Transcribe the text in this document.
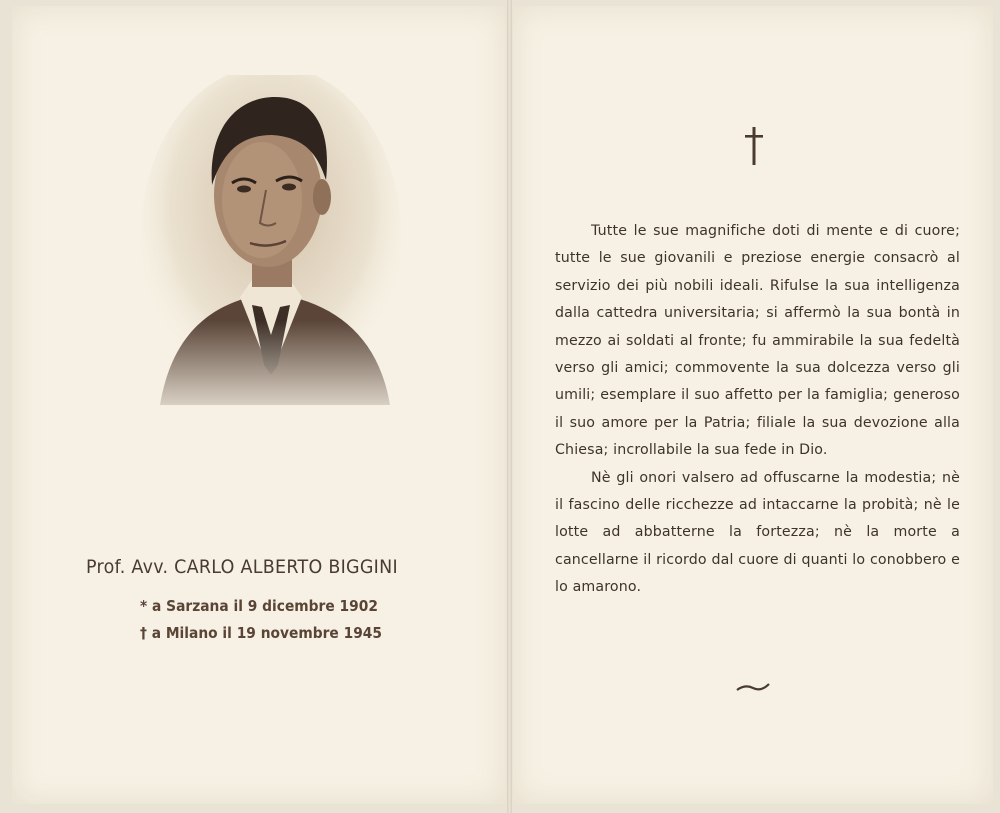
Prof. Avv. CARLO ALBERTO BIGGINI
* a Sarzana il 9 dicembre 1902
† a Milano il 19 novembre 1945

Tutte le sue magnifiche doti di mente e di cuore; tutte le sue giovanili e preziose energie consacrò al servizio dei più nobili ideali. Rifulse la sua intelligenza dalla cattedra universitaria; si affermò la sua bontà in mezzo ai soldati al fronte; fu ammirabile la sua fedeltà verso gli amici; commovente la sua dolcezza verso gli umili; esemplare il suo affetto per la famiglia; generoso il suo amore per la Patria; filiale la sua devozione alla Chiesa; incrollabile la sua fede in Dio.

Nè gli onori valsero ad offuscarne la modestia; nè il fascino delle ricchezze ad intaccarne la probità; nè le lotte ad abbatterne la fortezza; nè la morte a cancellarne il ricordo dal cuore di quanti lo conobbero e lo amarono.
